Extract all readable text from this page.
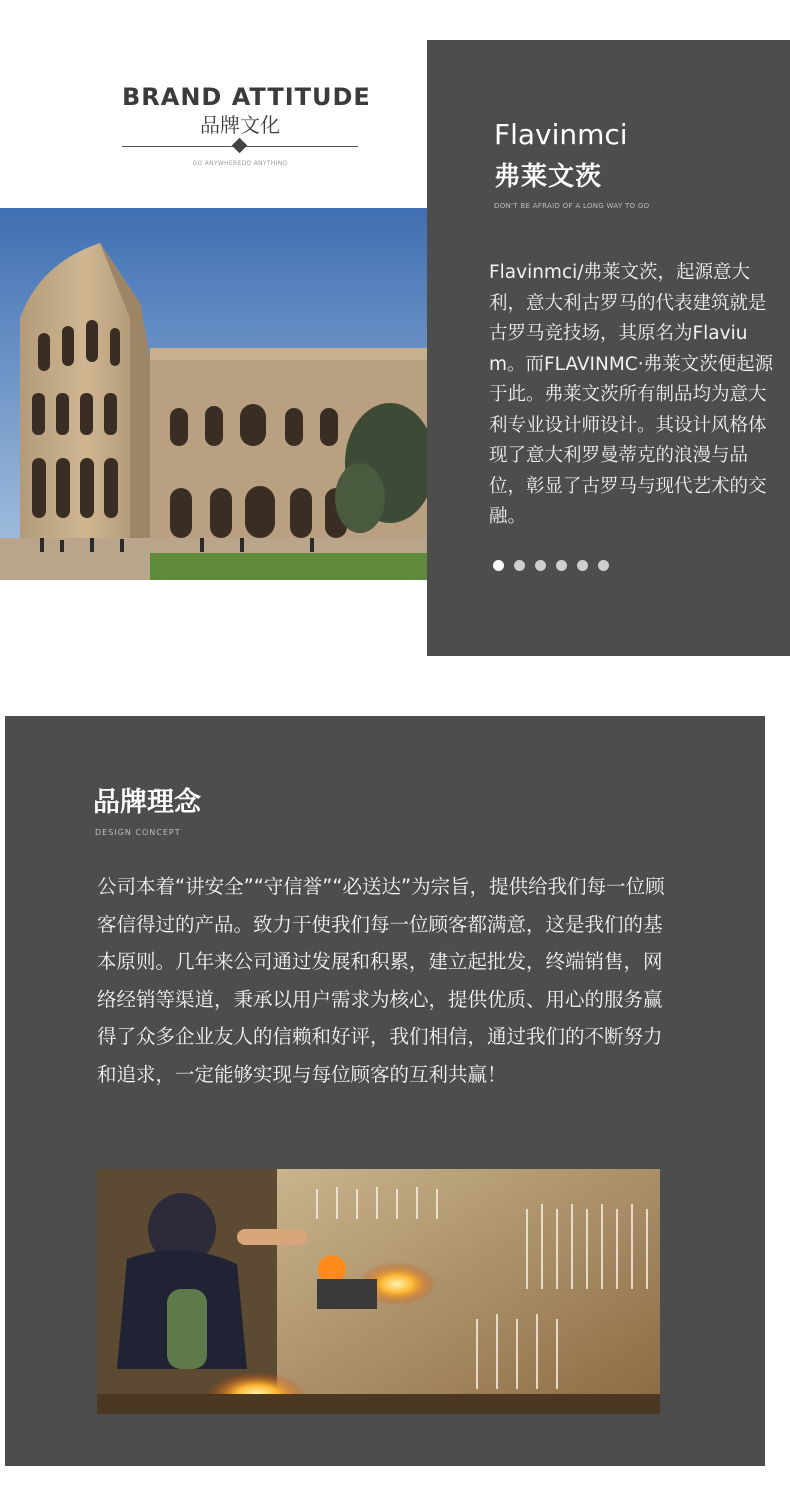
BRAND ATTITUDE
品牌文化
GO ANYWHEREDO ANYTHING
Flavinmci
弗莱文茨
DON'T BE AFRAID OF A LONG WAY TO GO
Flavinmci/弗莱文茨，起源意大利，意大利古罗马的代表建筑就是古罗马竞技场，其原名为Flavium。而FLAVINMC·弗莱文茨便起源于此。弗莱文茨所有制品均为意大利专业设计师设计。其设计风格体现了意大利罗曼蒂克的浪漫与品位，彰显了古罗马与现代艺术的交融。
品牌理念
DESIGN CONCEPT
公司本着“讲安全”“守信誉”“必送达”为宗旨，提供给我们每一位顾客信得过的产品。致力于使我们每一位顾客都满意，这是我们的基本原则。几年来公司通过发展和积累，建立起批发，终端销售，网络经销等渠道，秉承以用户需求为核心，提供优质、用心的服务赢得了众多企业友人的信赖和好评，我们相信，通过我们的不断努力和追求，一定能够实现与每位顾客的互利共赢！
